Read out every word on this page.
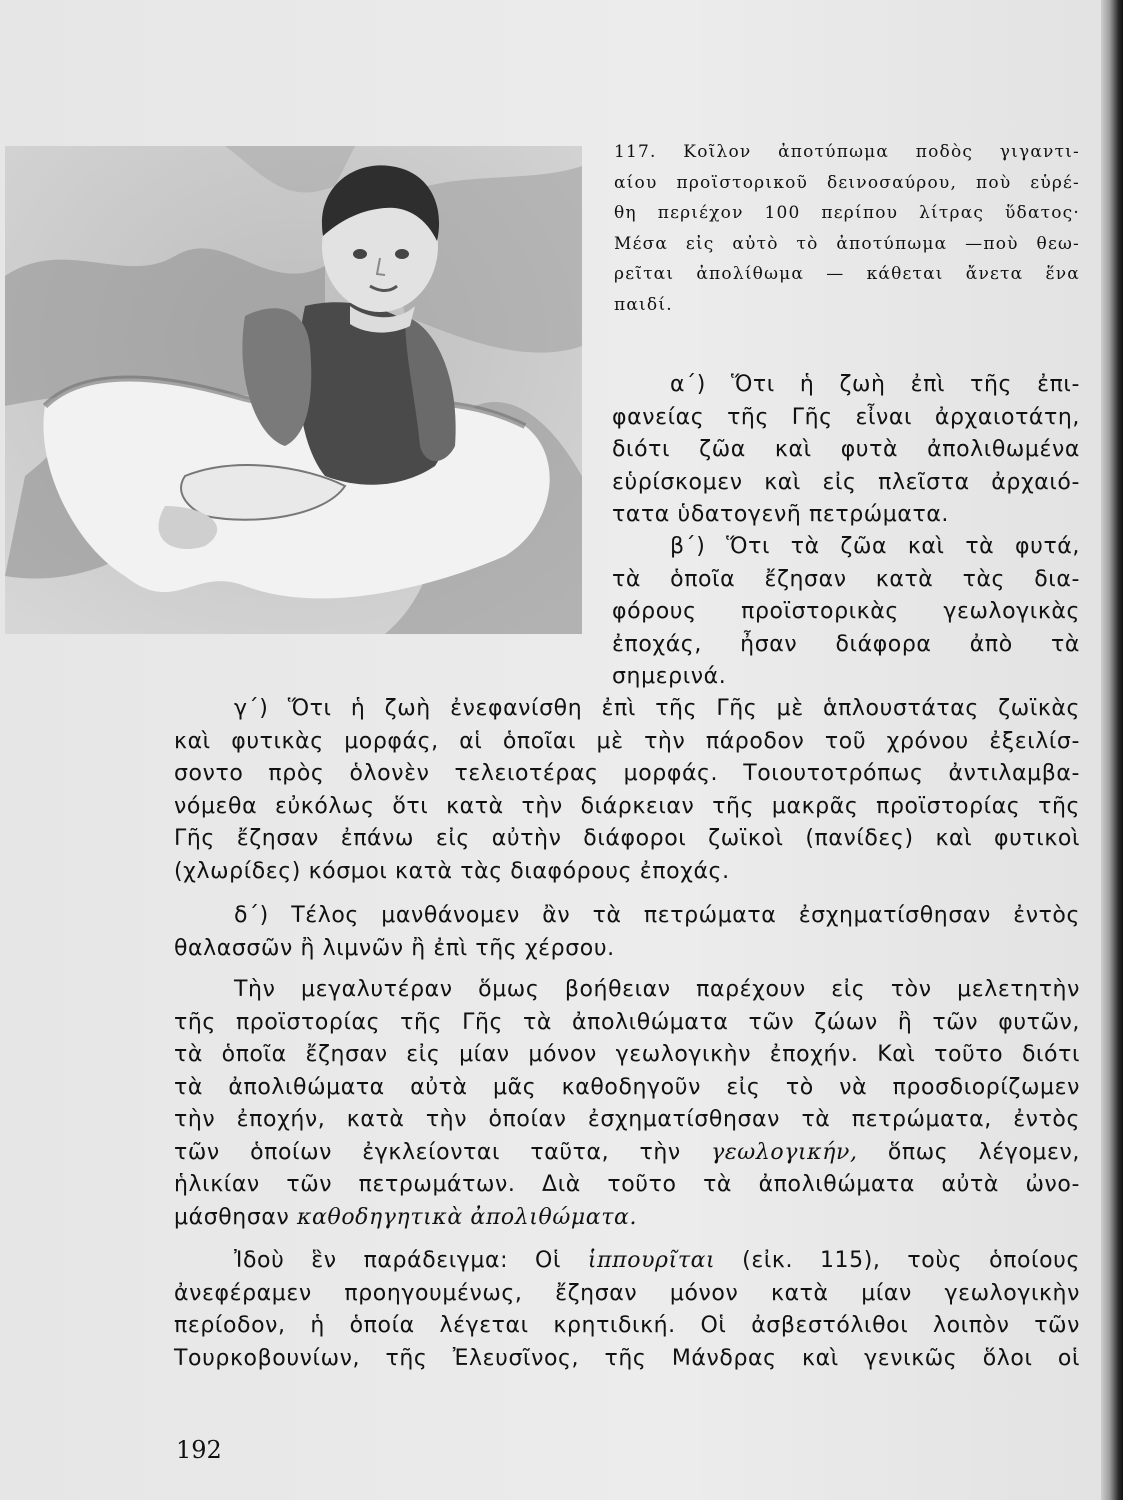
117. Κοῖλον ἀποτύπωμα ποδὸς γιγαντι-
αίου προϊστορικοῦ δεινοσαύρου, ποὺ εὑρέ-
θη περιέχον 100 περίπου λίτρας ὕδατος·
Μέσα εἰς αὐτὸ τὸ ἀποτύπωμα —ποὺ θεω-
ρεῖται ἀπολίθωμα — κάθεται ἄνετα ἕνα
παιδί.
α΄) Ὅτι ἡ ζωὴ ἐπὶ τῆς ἐπι-
φανείας τῆς Γῆς εἶναι ἀρχαιοτάτη,
διότι ζῶα καὶ φυτὰ ἀπολιθωμένα
εὑρίσκομεν καὶ εἰς πλεῖστα ἀρχαιό-
τατα ὑδατογενῆ πετρώματα.
β΄) Ὅτι τὰ ζῶα καὶ τὰ φυτά,
τὰ ὁποῖα ἔζησαν κατὰ τὰς δια-
φόρους προϊστορικὰς γεωλογικὰς
ἐποχάς, ἦσαν διάφορα ἀπὸ τὰ
σημερινά.
γ΄) Ὅτι ἡ ζωὴ ἐνεφανίσθη ἐπὶ τῆς Γῆς μὲ ἁπλουστάτας ζωϊκὰς
καὶ φυτικὰς μορφάς, αἱ ὁποῖαι μὲ τὴν πάροδον τοῦ χρόνου ἐξειλίσ-
σοντο πρὸς ὁλονὲν τελειοτέρας μορφάς. Τοιουτοτρόπως ἀντιλαμβα-
νόμεθα εὐκόλως ὅτι κατὰ τὴν διάρκειαν τῆς μακρᾶς προϊστορίας τῆς
Γῆς ἔζησαν ἐπάνω εἰς αὐτὴν διάφοροι ζωϊκοὶ (πανίδες) καὶ φυτικοὶ
(χλωρίδες) κόσμοι κατὰ τὰς διαφόρους ἐποχάς.
δ΄) Τέλος μανθάνομεν ἂν τὰ πετρώματα ἐσχηματίσθησαν ἐντὸς
θαλασσῶν ἢ λιμνῶν ἢ ἐπὶ τῆς χέρσου.
Τὴν μεγαλυτέραν ὅμως βοήθειαν παρέχουν εἰς τὸν μελετητὴν
τῆς προϊστορίας τῆς Γῆς τὰ ἀπολιθώματα τῶν ζώων ἢ τῶν φυτῶν,
τὰ ὁποῖα ἔζησαν εἰς μίαν μόνον γεωλογικὴν ἐποχήν. Καὶ τοῦτο διότι
τὰ ἀπολιθώματα αὐτὰ μᾶς καθοδηγοῦν εἰς τὸ νὰ προσδιορίζωμεν
τὴν ἐποχήν, κατὰ τὴν ὁποίαν ἐσχηματίσθησαν τὰ πετρώματα, ἐντὸς
τῶν ὁποίων ἐγκλείονται ταῦτα, τὴν γεωλογικήν, ὅπως λέγομεν,
ἡλικίαν τῶν πετρωμάτων. Διὰ τοῦτο τὰ ἀπολιθώματα αὐτὰ ὠνο-
μάσθησαν καθοδηγητικὰ ἀπολιθώματα.
Ἰδοὺ ἓν παράδειγμα: Οἱ ἱππουρῖται (εἰκ. 115), τοὺς ὁποίους
ἀνεφέραμεν προηγουμένως, ἔζησαν μόνον κατὰ μίαν γεωλογικὴν
περίοδον, ἡ ὁποία λέγεται κρητιδική. Οἱ ἀσβεστόλιθοι λοιπὸν τῶν
Τουρκοβουνίων, τῆς Ἐλευσῖνος, τῆς Μάνδρας καὶ γενικῶς ὅλοι οἱ
192
